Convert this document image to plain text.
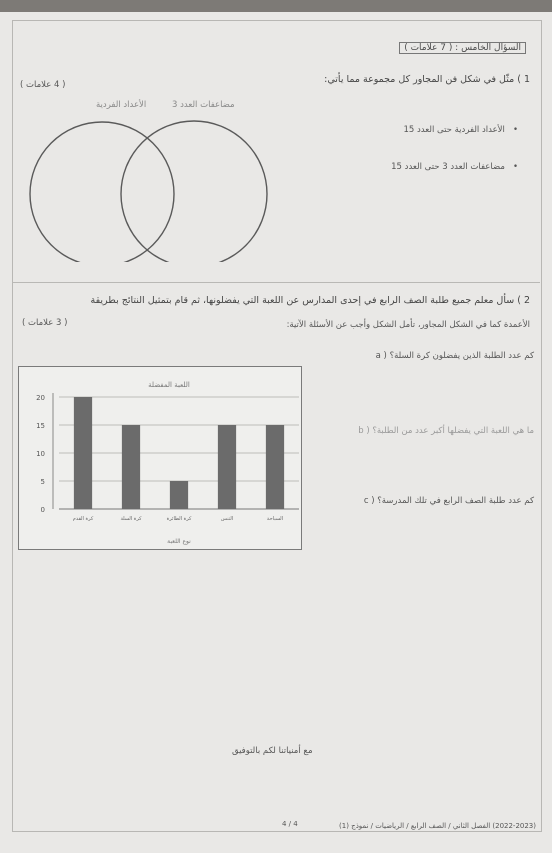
السؤال الخامس : ( 7 علامات )

( 4 علامات )	1 ) مثّل في شكل فن المجاور كل مجموعة مما يأتي:
•   الأعداد الفردية حتى العدد 15
•   مضاعفات العدد 3 حتى العدد 15
الأعداد الفردية	مضاعفات العدد 3
2 ) سأل معلم جميع طلبة الصف الرابع في إحدى المدارس عن اللعبة التي يفضلونها، ثم قام بتمثيل النتائج بطريقة
( 3 علامات )	الأعمدة كما في الشكل المجاور، تأمل الشكل وأجب عن الأسئلة الآتية:
a ) كم عدد الطلبة الذين يفضلون كرة السلة؟
b ) ما هي اللعبة التي يفضلها أكبر عدد من الطلبة؟
c ) كم عدد طلبة الصف الرابع في تلك المدرسة؟
اللعبة المفضلة
0
5
10
15
20
كرة القدم	كرة السلة	كرة الطائرة	التنس	السباحة
نوع اللعبة
مع أمنياتنا لكم بالتوفيق
4 / 4	(2022-2023) الفصل الثاني / الصف الرابع / الرياضيات / نموذج (1)
